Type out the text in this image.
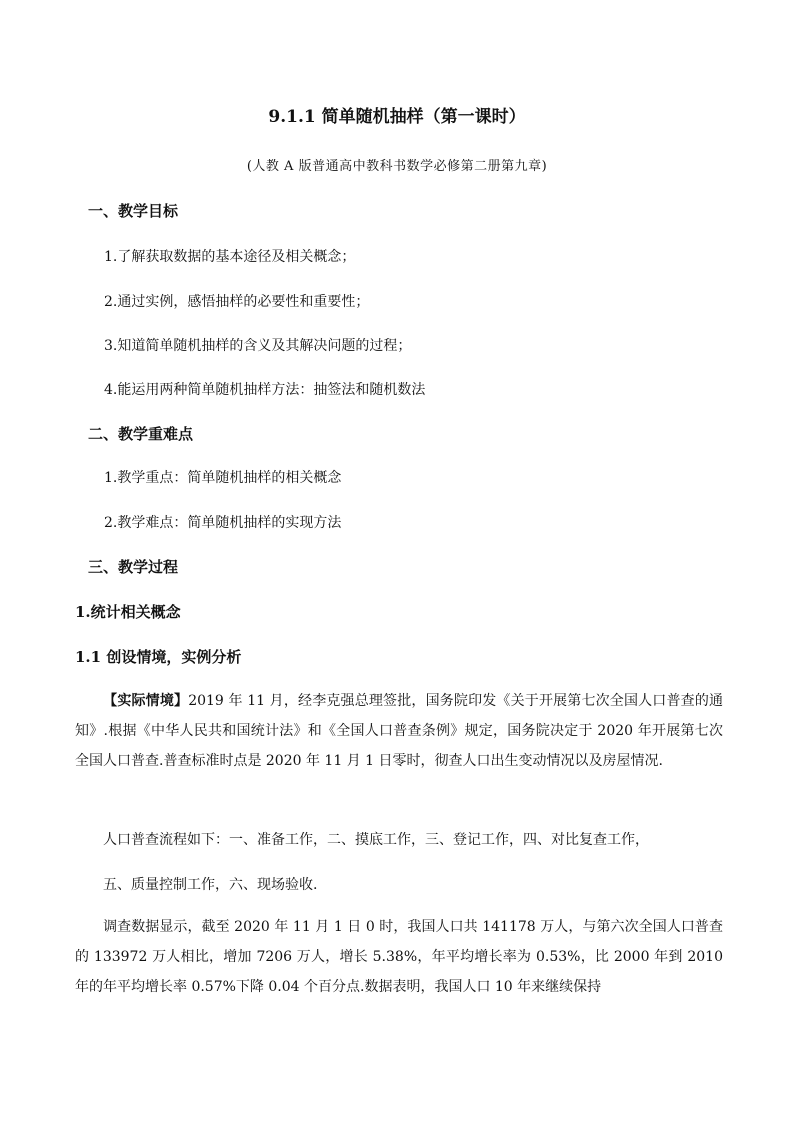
9.1.1 简单随机抽样（第一课时）
(人教 A 版普通高中教科书数学必修第二册第九章)
一、教学目标
1.了解获取数据的基本途径及相关概念；
2.通过实例，感悟抽样的必要性和重要性；
3.知道简单随机抽样的含义及其解决问题的过程；
4.能运用两种简单随机抽样方法：抽签法和随机数法
二、教学重难点
1.教学重点：简单随机抽样的相关概念
2.教学难点：简单随机抽样的实现方法
三、教学过程
1.统计相关概念
1.1 创设情境，实例分析
【实际情境】2019 年 11 月，经李克强总理签批，国务院印发《关于开展第七次全国人口普查的通知》.根据《中华人民共和国统计法》和《全国人口普查条例》规定，国务院决定于 2020 年开展第七次全国人口普查.普查标准时点是 2020 年 11 月 1 日零时，彻查人口出生变动情况以及房屋情况.
人口普查流程如下：一、准备工作，二、摸底工作，三、登记工作，四、对比复查工作，
五、质量控制工作，六、现场验收.
调查数据显示，截至 2020 年 11 月 1 日 0 时，我国人口共 141178 万人，与第六次全国人口普查的 133972 万人相比，增加 7206 万人，增长 5.38%，年平均增长率为 0.53%，比 2000 年到 2010 年的年平均增长率 0.57%下降 0.04 个百分点.数据表明，我国人口 10 年来继续保持
